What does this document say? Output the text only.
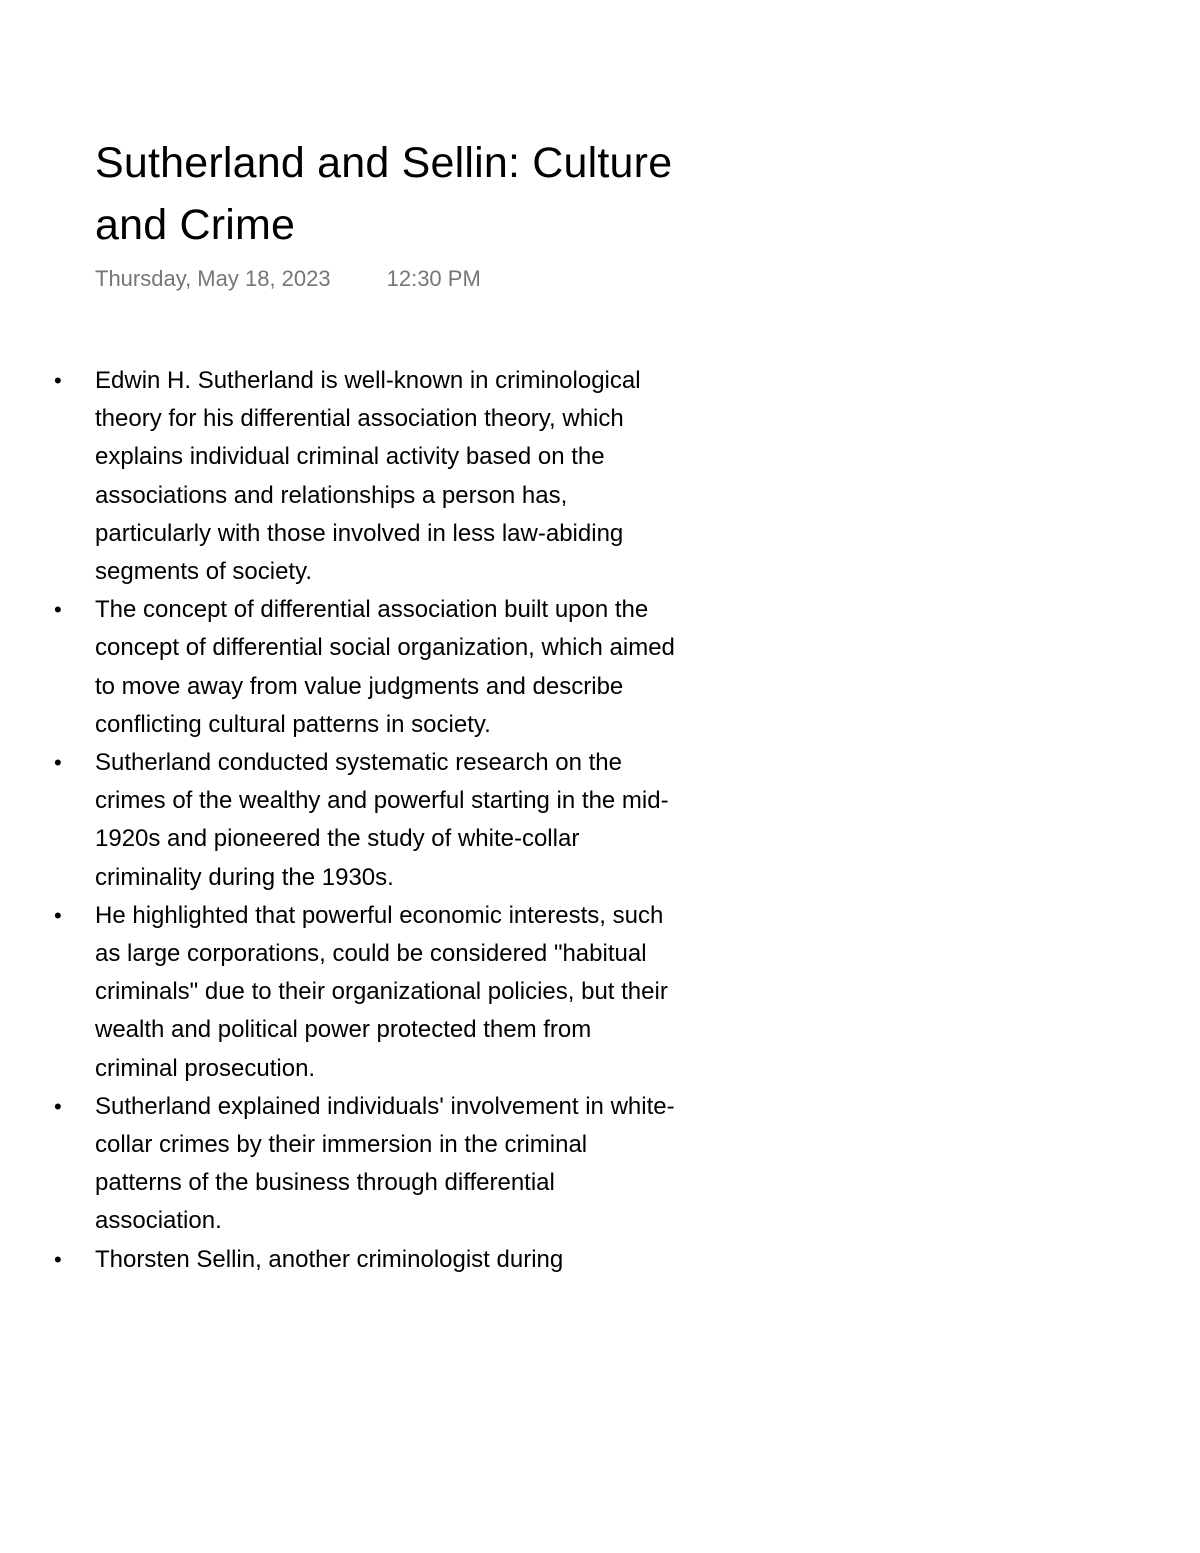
Sutherland and Sellin: Culture and Crime
Thursday, May 18, 2023	12:30 PM
• Edwin H. Sutherland is well-known in criminological theory for his differential association theory, which explains individual criminal activity based on the associations and relationships a person has, particularly with those involved in less law-abiding segments of society.
• The concept of differential association built upon the concept of differential social organization, which aimed to move away from value judgments and describe conflicting cultural patterns in society.
• Sutherland conducted systematic research on the crimes of the wealthy and powerful starting in the mid-1920s and pioneered the study of white-collar criminality during the 1930s.
• He highlighted that powerful economic interests, such as large corporations, could be considered "habitual criminals" due to their organizational policies, but their wealth and political power protected them from criminal prosecution.
• Sutherland explained individuals' involvement in white-collar crimes by their immersion in the criminal patterns of the business through differential association.
• Thorsten Sellin, another criminologist during
